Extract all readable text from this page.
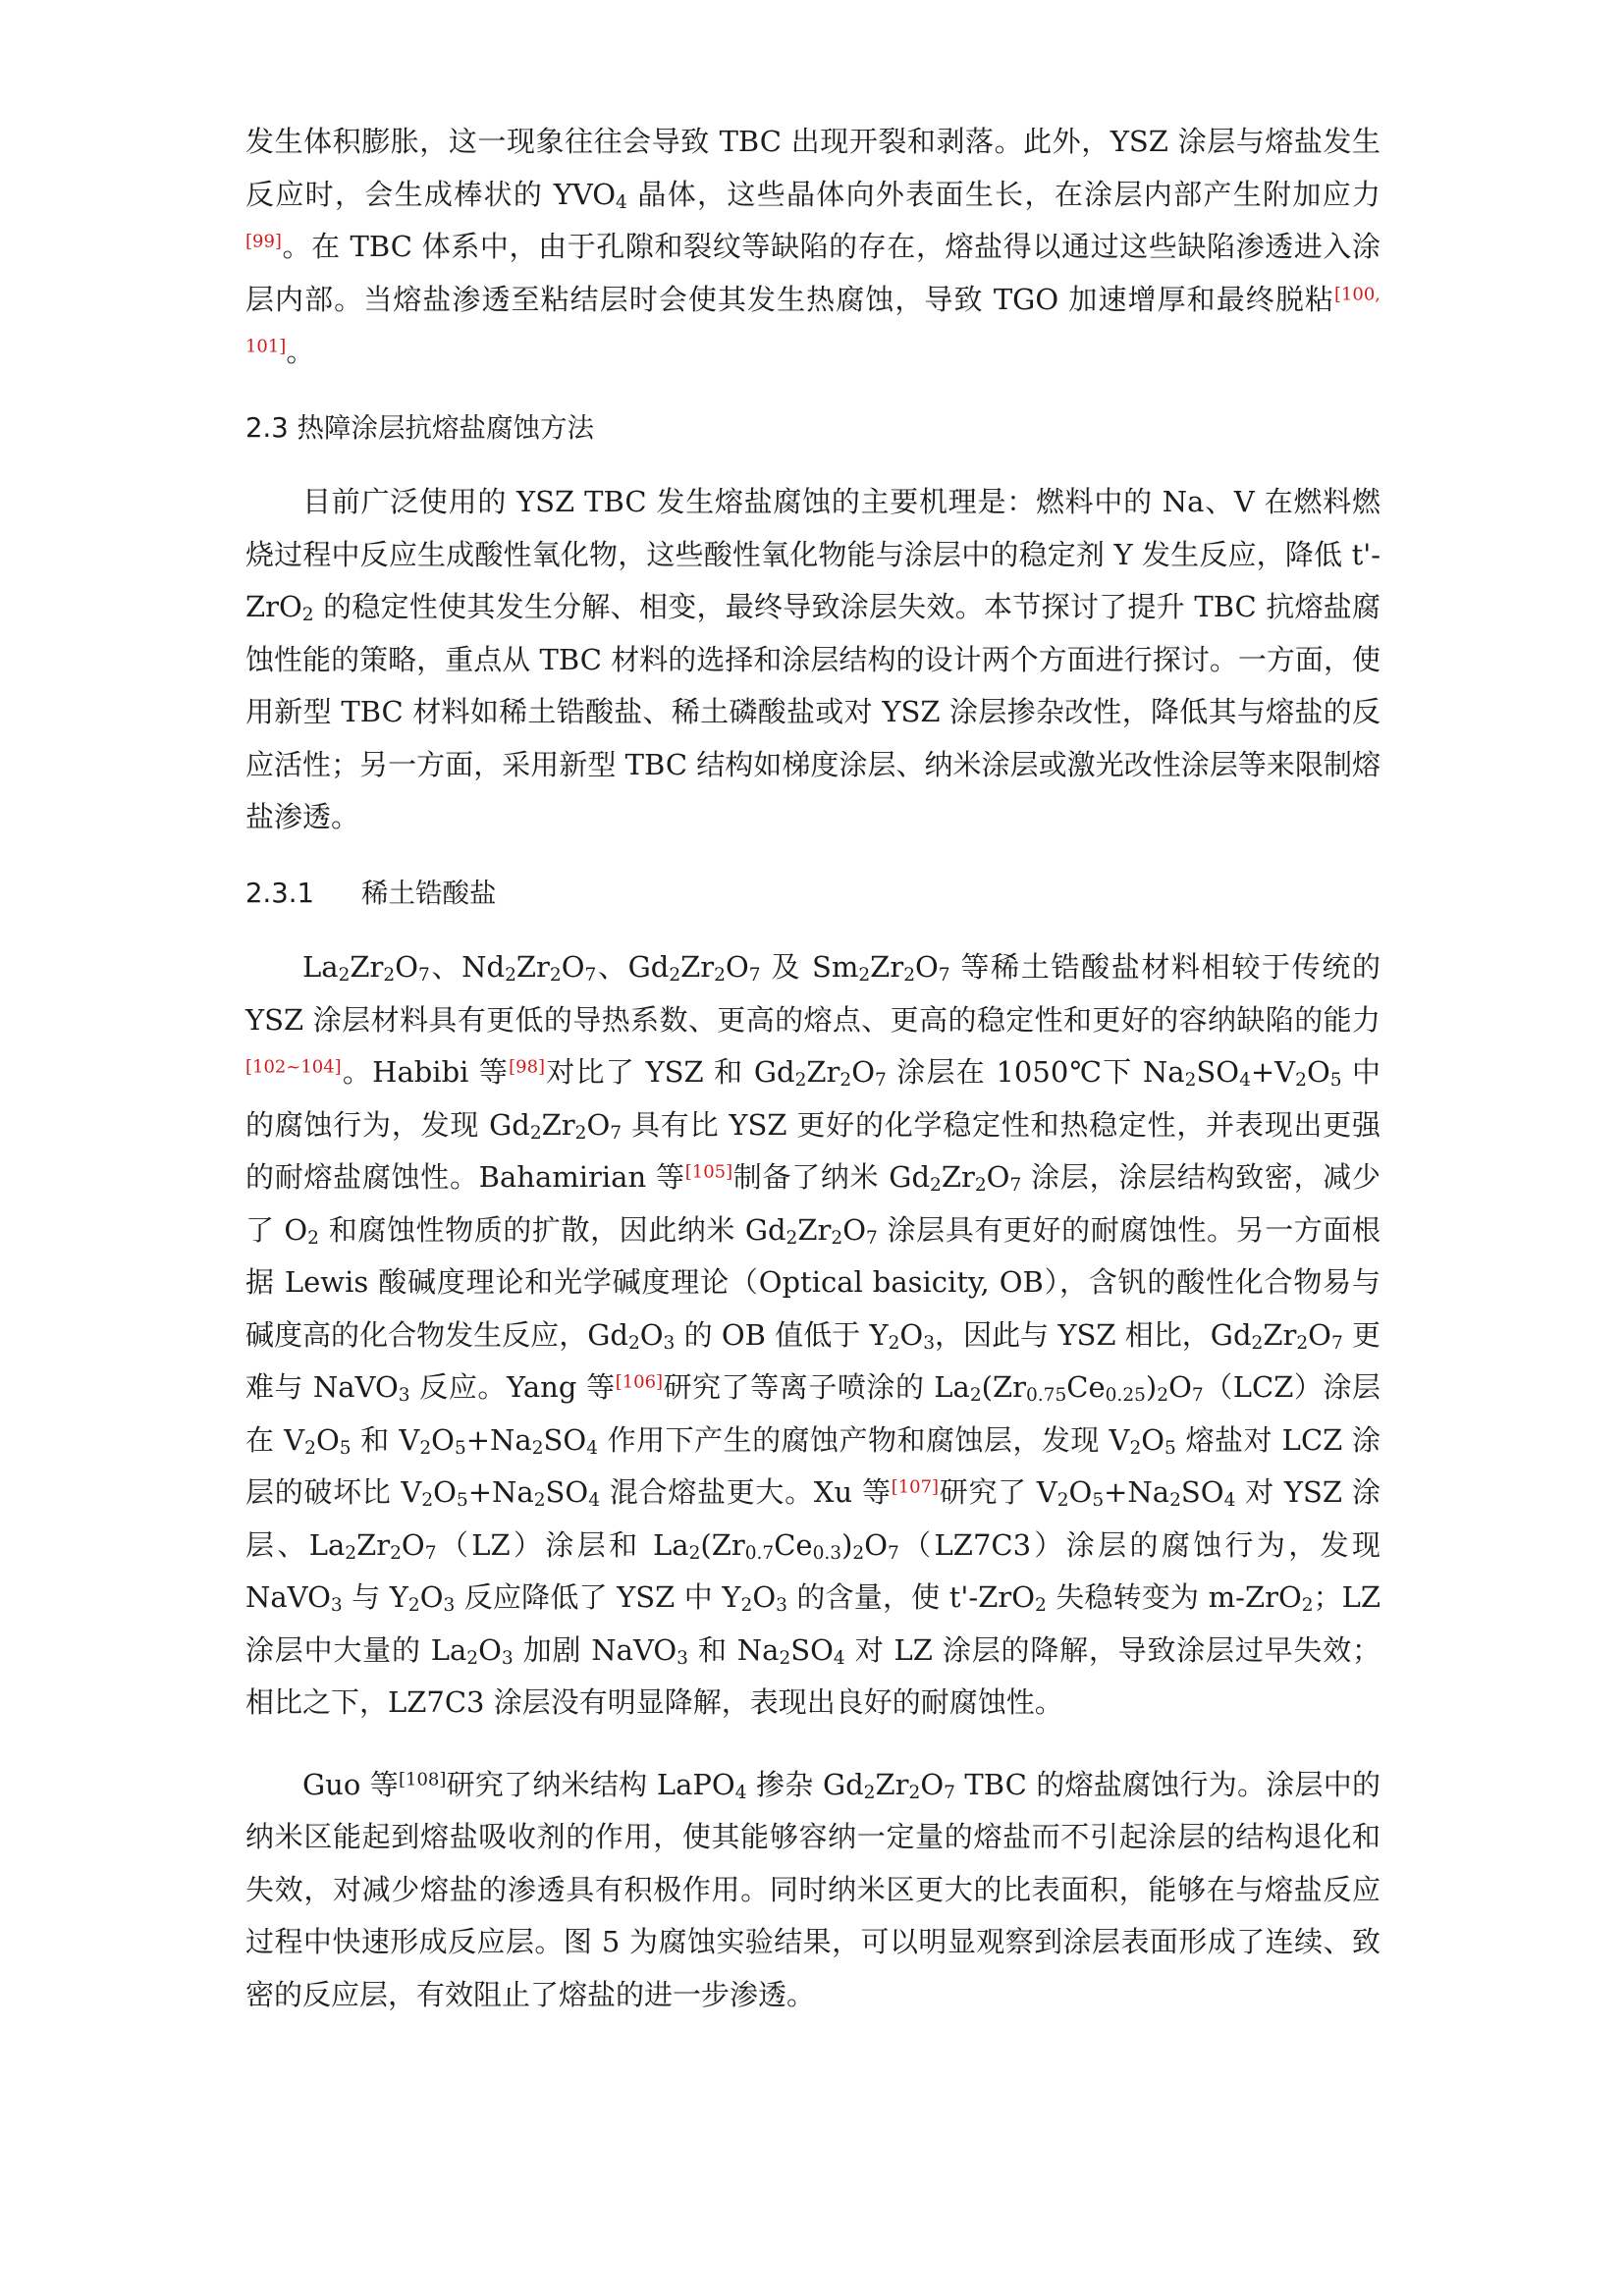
发生体积膨胀，这一现象往往会导致 TBC 出现开裂和剥落。此外，YSZ 涂层与熔盐发生反应时，会生成棒状的 $YVO_4$ 晶体，这些晶体向外表面生长，在涂层内部产生附加应力[99]。在 TBC 体系中，由于孔隙和裂纹等缺陷的存在，熔盐得以通过这些缺陷渗透进入涂层内部。当熔盐渗透至粘结层时会使其发生热腐蚀，导致 TGO 加速增厚和最终脱粘[100, 101]。

2.3 热障涂层抗熔盐腐蚀方法

目前广泛使用的 YSZ TBC 发生熔盐腐蚀的主要机理是：燃料中的 Na、V 在燃料燃烧过程中反应生成酸性氧化物，这些酸性氧化物能与涂层中的稳定剂 Y 发生反应，降低 t'-ZrO$_2$ 的稳定性使其发生分解、相变，最终导致涂层失效。本节探讨了提升 TBC 抗熔盐腐蚀性能的策略，重点从 TBC 材料的选择和涂层结构的设计两个方面进行探讨。一方面，使用新型 TBC 材料如稀土锆酸盐、稀土磷酸盐或对 YSZ 涂层掺杂改性，降低其与熔盐的反应活性；另一方面，采用新型 TBC 结构如梯度涂层、纳米涂层或激光改性涂层等来限制熔盐渗透。

2.3.1 稀土锆酸盐

$La_2Zr_2O_7$、$Nd_2Zr_2O_7$、$Gd_2Zr_2O_7$ 及 $Sm_2Zr_2O_7$ 等稀土锆酸盐材料相较于传统的 YSZ 涂层材料具有更低的导热系数、更高的熔点、更高的稳定性和更好的容纳缺陷的能力[102~104]。Habibi 等[98]对比了 YSZ 和 $Gd_2Zr_2O_7$ 涂层在 1050℃下 $Na_2SO_4+V_2O_5$ 中的腐蚀行为，发现 $Gd_2Zr_2O_7$ 具有比 YSZ 更好的化学稳定性和热稳定性，并表现出更强的耐熔盐腐蚀性。Bahamirian 等[105]制备了纳米 $Gd_2Zr_2O_7$ 涂层，涂层结构致密，减少了 $O_2$ 和腐蚀性物质的扩散，因此纳米 $Gd_2Zr_2O_7$ 涂层具有更好的耐腐蚀性。另一方面根据 Lewis 酸碱度理论和光学碱度理论（Optical basicity, OB），含钒的酸性化合物易与碱度高的化合物发生反应，$Gd_2O_3$ 的 OB 值低于 $Y_2O_3$，因此与 YSZ 相比，$Gd_2Zr_2O_7$ 更难与 NaVO$_3$ 反应。Yang 等[106]研究了等离子喷涂的 $La_2(Zr_{0.75}Ce_{0.25})_2O_7(LCZ)$涂层在 $V_2O_5$ 和 $V_2O_5+Na_2SO_4$ 作用下产生的腐蚀产物和腐蚀层，发现 $V_2O_5$ 熔盐对 LCZ 涂层的破坏比 $V_2O_5+Na_2SO_4$ 混合熔盐更大。Xu 等[107]研究了 $V_2O_5+Na_2SO_4$ 对 YSZ 涂层、$La_2Zr_2O_7(LZ)$涂层和 $La_2(Zr_{0.7}Ce_{0.3})_2O_7(LZ7C3)$涂层的腐蚀行为，发现 NaVO$_3$ 与 $Y_2O_3$ 反应降低了 YSZ 中 $Y_2O_3$ 的含量，使 t'-ZrO$_2$ 失稳转变为 m-ZrO$_2$；LZ 涂层中大量的 $La_2O_3$ 加剧 NaVO$_3$ 和 $Na_2SO_4$ 对 LZ 涂层的降解，导致涂层过早失效；相比之下，LZ7C3 涂层没有明显降解，表现出良好的耐腐蚀性。

Guo 等[108]研究了纳米结构 LaPO$_4$ 掺杂 $Gd_2Zr_2O_7$ TBC 的熔盐腐蚀行为。涂层中的纳米区能起到熔盐吸收剂的作用，使其能够容纳一定量的熔盐而不引起涂层的结构退化和失效，对减少熔盐的渗透具有积极作用。同时纳米区更大的比表面积，能够在与熔盐反应过程中快速形成反应层。图 5 为腐蚀实验结果，可以明显观察到涂层表面形成了连续、致密的反应层，有效阻止了熔盐的进一步渗透。
